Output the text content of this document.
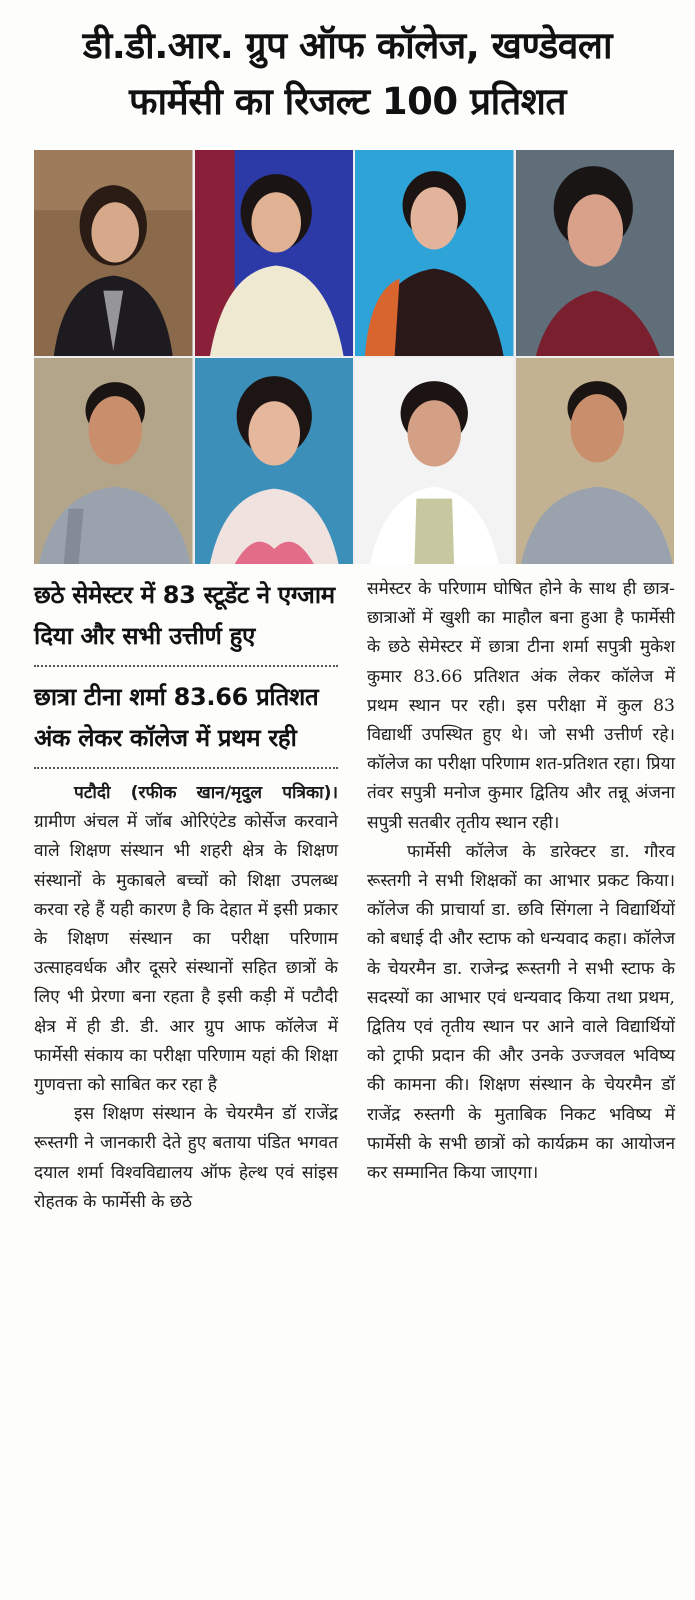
डी.डी.आर. ग्रुप ऑफ कॉलेज, खण्डेवला
फार्मेसी का रिजल्ट 100 प्रतिशत
छठे सेमेस्टर में 83 स्टूडेंट ने एग्जाम दिया और सभी उत्तीर्ण हुए
छात्रा टीना शर्मा 83.66 प्रतिशत अंक लेकर कॉलेज में प्रथम रही

पटौदी (रफीक खान/मृदुल पत्रिका)। ग्रामीण अंचल में जॉब ओरिएंटेड कोर्सेज करवाने वाले शिक्षण संस्थान भी शहरी क्षेत्र के शिक्षण संस्थानों के मुकाबले बच्चों को शिक्षा उपलब्ध करवा रहे हैं यही कारण है कि देहात में इसी प्रकार के शिक्षण संस्थान का परीक्षा परिणाम उत्साहवर्धक और दूसरे संस्थानों सहित छात्रों के लिए भी प्रेरणा बना रहता है इसी कड़ी में पटौदी क्षेत्र में ही डी. डी. आर ग्रुप आफ कॉलेज में फार्मेसी संकाय का परीक्षा परिणाम यहां की शिक्षा गुणवत्ता को साबित कर रहा है

इस शिक्षण संस्थान के चेयरमैन डॉ राजेंद्र रूस्तगी ने जानकारी देते हुए बताया पंडित भगवत दयाल शर्मा विश्वविद्यालय ऑफ हेल्थ एवं सांइस रोहतक के फार्मेसी के छठे

समेस्टर के परिणाम घोषित होने के साथ ही छात्र-छात्राओं में खुशी का माहौल बना हुआ है फार्मेसी के छठे सेमेस्टर में छात्रा टीना शर्मा सपुत्री मुकेश कुमार 83.66 प्रतिशत अंक लेकर कॉलेज में प्रथम स्थान पर रही। इस परीक्षा में कुल 83 विद्यार्थी उपस्थित हुए थे। जो सभी उत्तीर्ण रहे। कॉलेज का परीक्षा परिणाम शत-प्रतिशत रहा। प्रिया तंवर सपुत्री मनोज कुमार द्वितिय और तन्नू अंजना सपुत्री सतबीर तृतीय स्थान रही।

फार्मेसी कॉलेज के डारेक्टर डा. गौरव रूस्तगी ने सभी शिक्षकों का आभार प्रकट किया। कॉलेज की प्राचार्या डा. छवि सिंगला ने विद्यार्थियों को बधाई दी और स्टाफ को धन्यवाद कहा। कॉलेज के चेयरमैन डा. राजेन्द्र रूस्तगी ने सभी स्टाफ के सदस्यों का आभार एवं धन्यवाद किया तथा प्रथम, द्वितिय एवं तृतीय स्थान पर आने वाले विद्यार्थियों को ट्राफी प्रदान की और उनके उज्जवल भविष्य की कामना की। शिक्षण संस्थान के चेयरमैन डॉ राजेंद्र रुस्तगी के मुताबिक निकट भविष्य में फार्मेसी के सभी छात्रों को कार्यक्रम का आयोजन कर सम्मानित किया जाएगा।
